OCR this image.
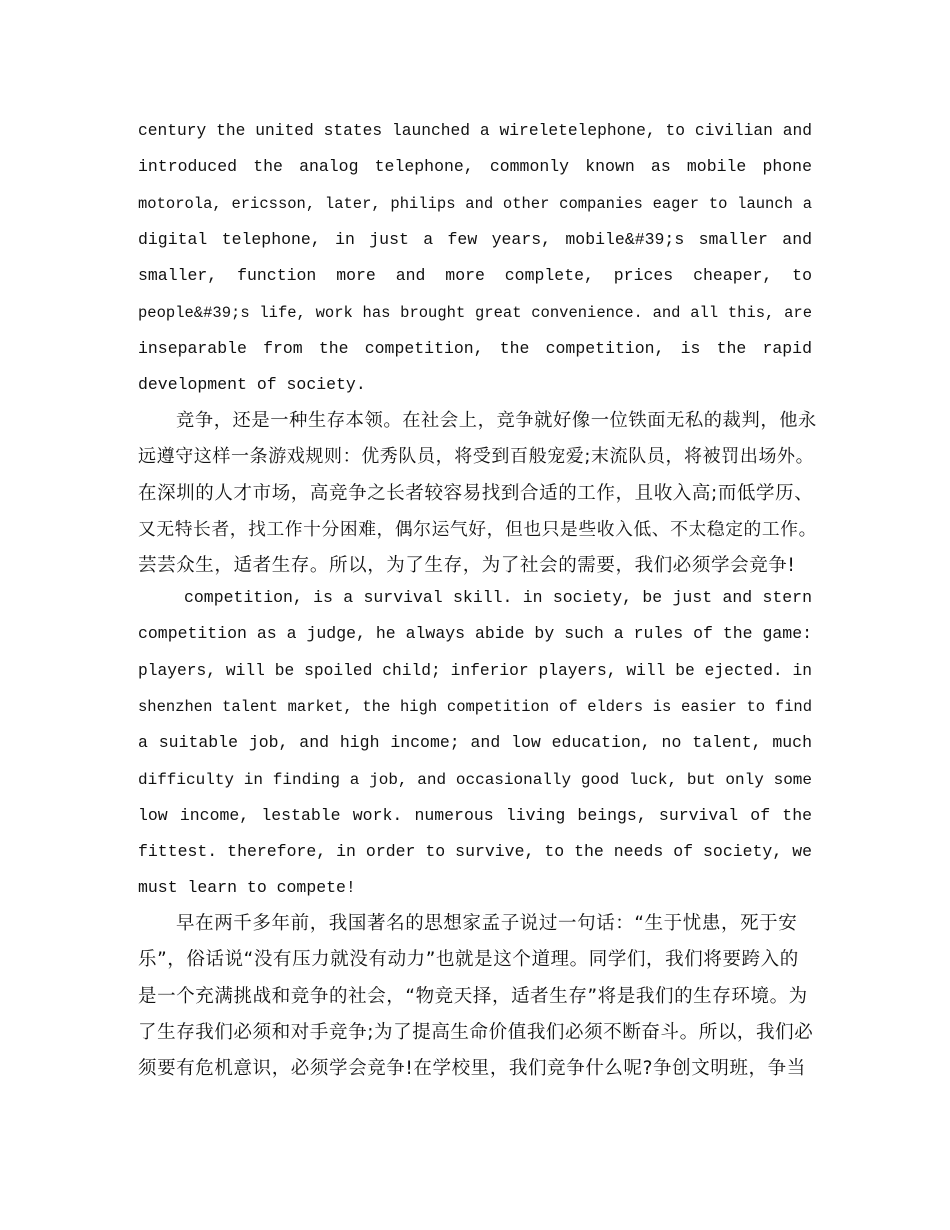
century the united states launched a wireletelephone, to civilian and
introduced the analog telephone, commonly known as mobile phone
motorola, ericsson, later, philips and other companies eager to launch a
digital telephone, in just a few years, mobile&#39;s smaller and
smaller, function more and more complete, prices cheaper, to
people&#39;s life, work has brought great convenience. and all this, are
inseparable from the competition, the competition, is the rapid
development of society.
竞争，还是一种生存本领。在社会上，竞争就好像一位铁面无私的裁判，他永
远遵守这样一条游戏规则：优秀队员，将受到百般宠爱;末流队员，将被罚出场外。
在深圳的人才市场，高竞争之长者较容易找到合适的工作，且收入高;而低学历、
又无特长者，找工作十分困难，偶尔运气好，但也只是些收入低、不太稳定的工作。
芸芸众生，适者生存。所以，为了生存，为了社会的需要，我们必须学会竞争!
competition, is a survival skill. in society, be just and stern
competition as a judge, he always abide by such a rules of the game:
players, will be spoiled child; inferior players, will be ejected. in
shenzhen talent market, the high competition of elders is easier to find
a suitable job, and high income; and low education, no talent, much
difficulty in finding a job, and occasionally good luck, but only some
low income, lestable work. numerous living beings, survival of the
fittest. therefore, in order to survive, to the needs of society, we
must learn to compete!
早在两千多年前，我国著名的思想家孟子说过一句话：“生于忧患，死于安
乐”，俗话说“没有压力就没有动力”也就是这个道理。同学们，我们将要跨入的
是一个充满挑战和竞争的社会，“物竞天择，适者生存”将是我们的生存环境。为
了生存我们必须和对手竞争;为了提高生命价值我们必须不断奋斗。所以，我们必
须要有危机意识，必须学会竞争!在学校里，我们竞争什么呢?争创文明班，争当
